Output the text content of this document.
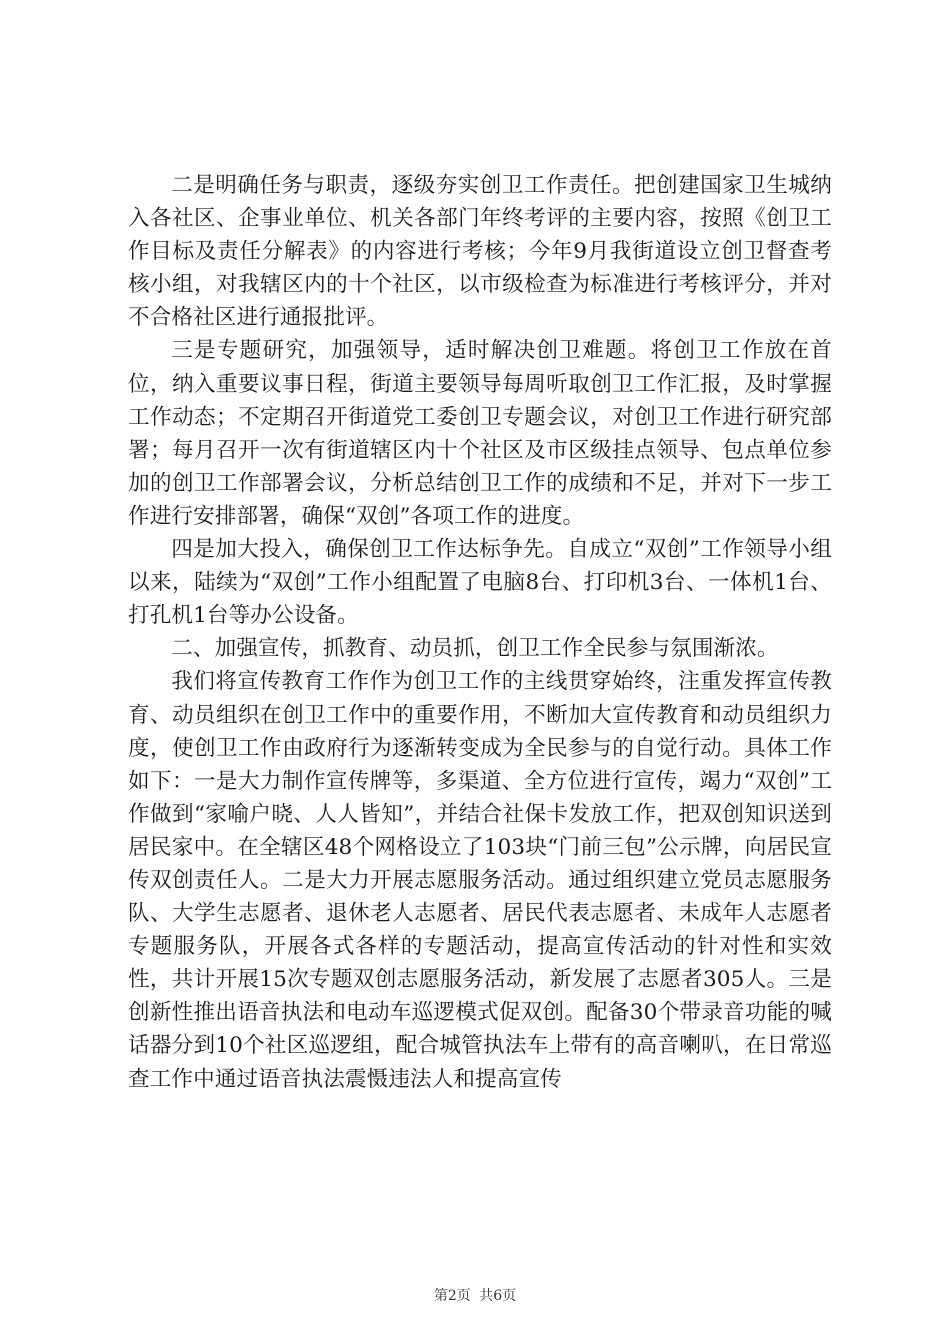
二是明确任务与职责，逐级夯实创卫工作责任。把创建国家卫生城纳入各社区、企事业单位、机关各部门年终考评的主要内容，按照《创卫工作目标及责任分解表》的内容进行考核；今年9月我街道设立创卫督查考核小组，对我辖区内的十个社区，以市级检查为标准进行考核评分，并对不合格社区进行通报批评。

三是专题研究，加强领导，适时解决创卫难题。将创卫工作放在首位，纳入重要议事日程，街道主要领导每周听取创卫工作汇报，及时掌握工作动态；不定期召开街道党工委创卫专题会议，对创卫工作进行研究部署；每月召开一次有街道辖区内十个社区及市区级挂点领导、包点单位参加的创卫工作部署会议，分析总结创卫工作的成绩和不足，并对下一步工作进行安排部署，确保“双创”各项工作的进度。

四是加大投入，确保创卫工作达标争先。自成立“双创”工作领导小组以来，陆续为“双创”工作小组配置了电脑8台、打印机3台、一体机1台、打孔机1台等办公设备。

二、加强宣传，抓教育、动员抓，创卫工作全民参与氛围渐浓。

我们将宣传教育工作作为创卫工作的主线贯穿始终，注重发挥宣传教育、动员组织在创卫工作中的重要作用，不断加大宣传教育和动员组织力度，使创卫工作由政府行为逐渐转变成为全民参与的自觉行动。具体工作如下：一是大力制作宣传牌等，多渠道、全方位进行宣传，竭力“双创”工作做到“家喻户晓、人人皆知”，并结合社保卡发放工作，把双创知识送到居民家中。在全辖区48个网格设立了103块“门前三包”公示牌，向居民宣传双创责任人。二是大力开展志愿服务活动。通过组织建立党员志愿服务队、大学生志愿者、退休老人志愿者、居民代表志愿者、未成年人志愿者专题服务队，开展各式各样的专题活动，提高宣传活动的针对性和实效性，共计开展15次专题双创志愿服务活动，新发展了志愿者305人。三是创新性推出语音执法和电动车巡逻模式促双创。配备30个带录音功能的喊话器分到10个社区巡逻组，配合城管执法车上带有的高音喇叭，在日常巡查工作中通过语音执法震慑违法人和提高宣传

第2页 共6页
